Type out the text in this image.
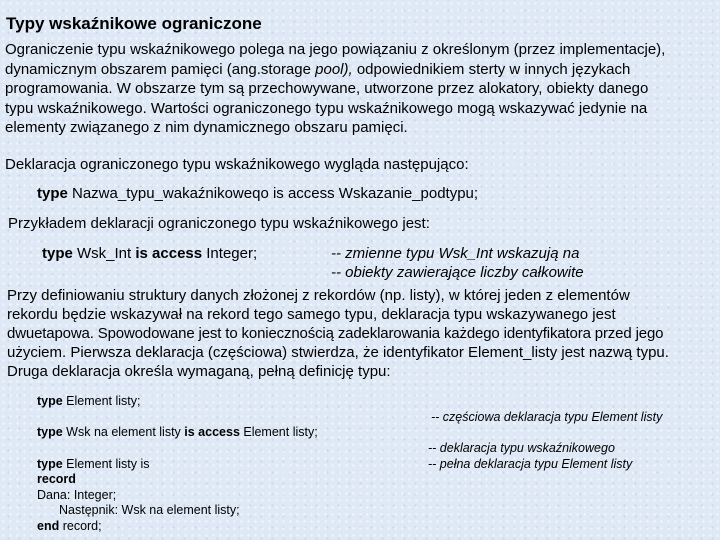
Typy wskaźnikowe ograniczone
Ograniczenie typu wskaźnikowego polega na jego powiązaniu z określonym (przez implementacje),
dynamicznym obszarem pamięci (ang.storage pool), odpowiednikiem sterty w innych językach
programowania. W obszarze tym są przechowywane, utworzone przez alokatory, obiekty danego
typu wskaźnikowego. Wartości ograniczonego typu wskaźnikowego mogą wskazywać jedynie na
elementy związanego z nim dynamicznego obszaru pamięci.
Deklaracja ograniczonego typu wskaźnikowego wygląda następująco:
type Nazwa_typu_wakaźnikoweqo is access Wskazanie_podtypu;
Przykładem deklaracji ograniczonego typu wskaźnikowego jest:
type Wsk_Int is access Integer;	-- zmienne typu Wsk_Int wskazują na
-- obiekty zawierające liczby całkowite
Przy definiowaniu struktury danych złożonej z rekordów (np. listy), w której jeden z elementów
rekordu będzie wskazywał na rekord tego samego typu, deklaracja typu wskazywanego jest
dwuetapowa. Spowodowane jest to koniecznością zadeklarowania każdego identyfikatora przed jego
użyciem. Pierwsza deklaracja (częściowa) stwierdza, że identyfikator Element_listy jest nazwą typu.
Druga deklaracja określa wymaganą, pełną definicję typu:
type Element listy;
-- częściowa deklaracja typu Element listy
type Wsk na element listy is access Element listy;
-- deklaracja typu wskaźnikowego
-- pełna deklaracja typu Element listy
type Element listy is
record
Dana: Integer;
Następnik: Wsk na element listy;
end record;
